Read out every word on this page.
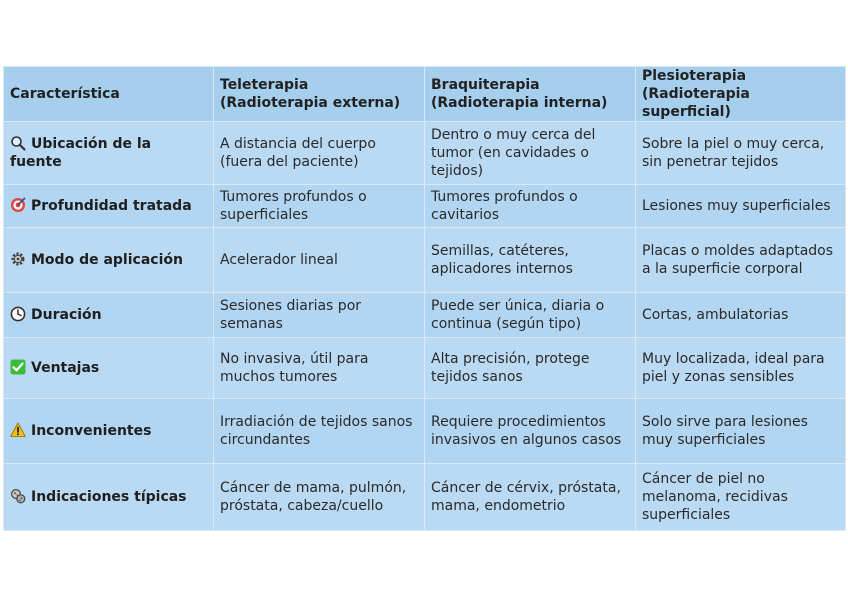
Característica	Teleterapia (Radioterapia externa)	Braquiterapia (Radioterapia interna)	Plesioterapia (Radioterapia superficial)

Ubicación de la fuente	A distancia del cuerpo (fuera del paciente)	Dentro o muy cerca del tumor (en cavidades o tejidos)	Sobre la piel o muy cerca, sin penetrar tejidos

Profundidad tratada	Tumores profundos o superficiales	Tumores profundos o cavitarios	Lesiones muy superficiales

Modo de aplicación	Acelerador lineal	Semillas, catéteres, aplicadores internos	Placas o moldes adaptados a la superficie corporal

Duración	Sesiones diarias por semanas	Puede ser única, diaria o continua (según tipo)	Cortas, ambulatorias

Ventajas	No invasiva, útil para muchos tumores	Alta precisión, protege tejidos sanos	Muy localizada, ideal para piel y zonas sensibles

Inconvenientes	Irradiación de tejidos sanos circundantes	Requiere procedimientos invasivos en algunos casos	Solo sirve para lesiones muy superficiales

Indicaciones típicas	Cáncer de mama, pulmón, próstata, cabeza/cuello	Cáncer de cérvix, próstata, mama, endometrio	Cáncer de piel no melanoma, recidivas superficiales
